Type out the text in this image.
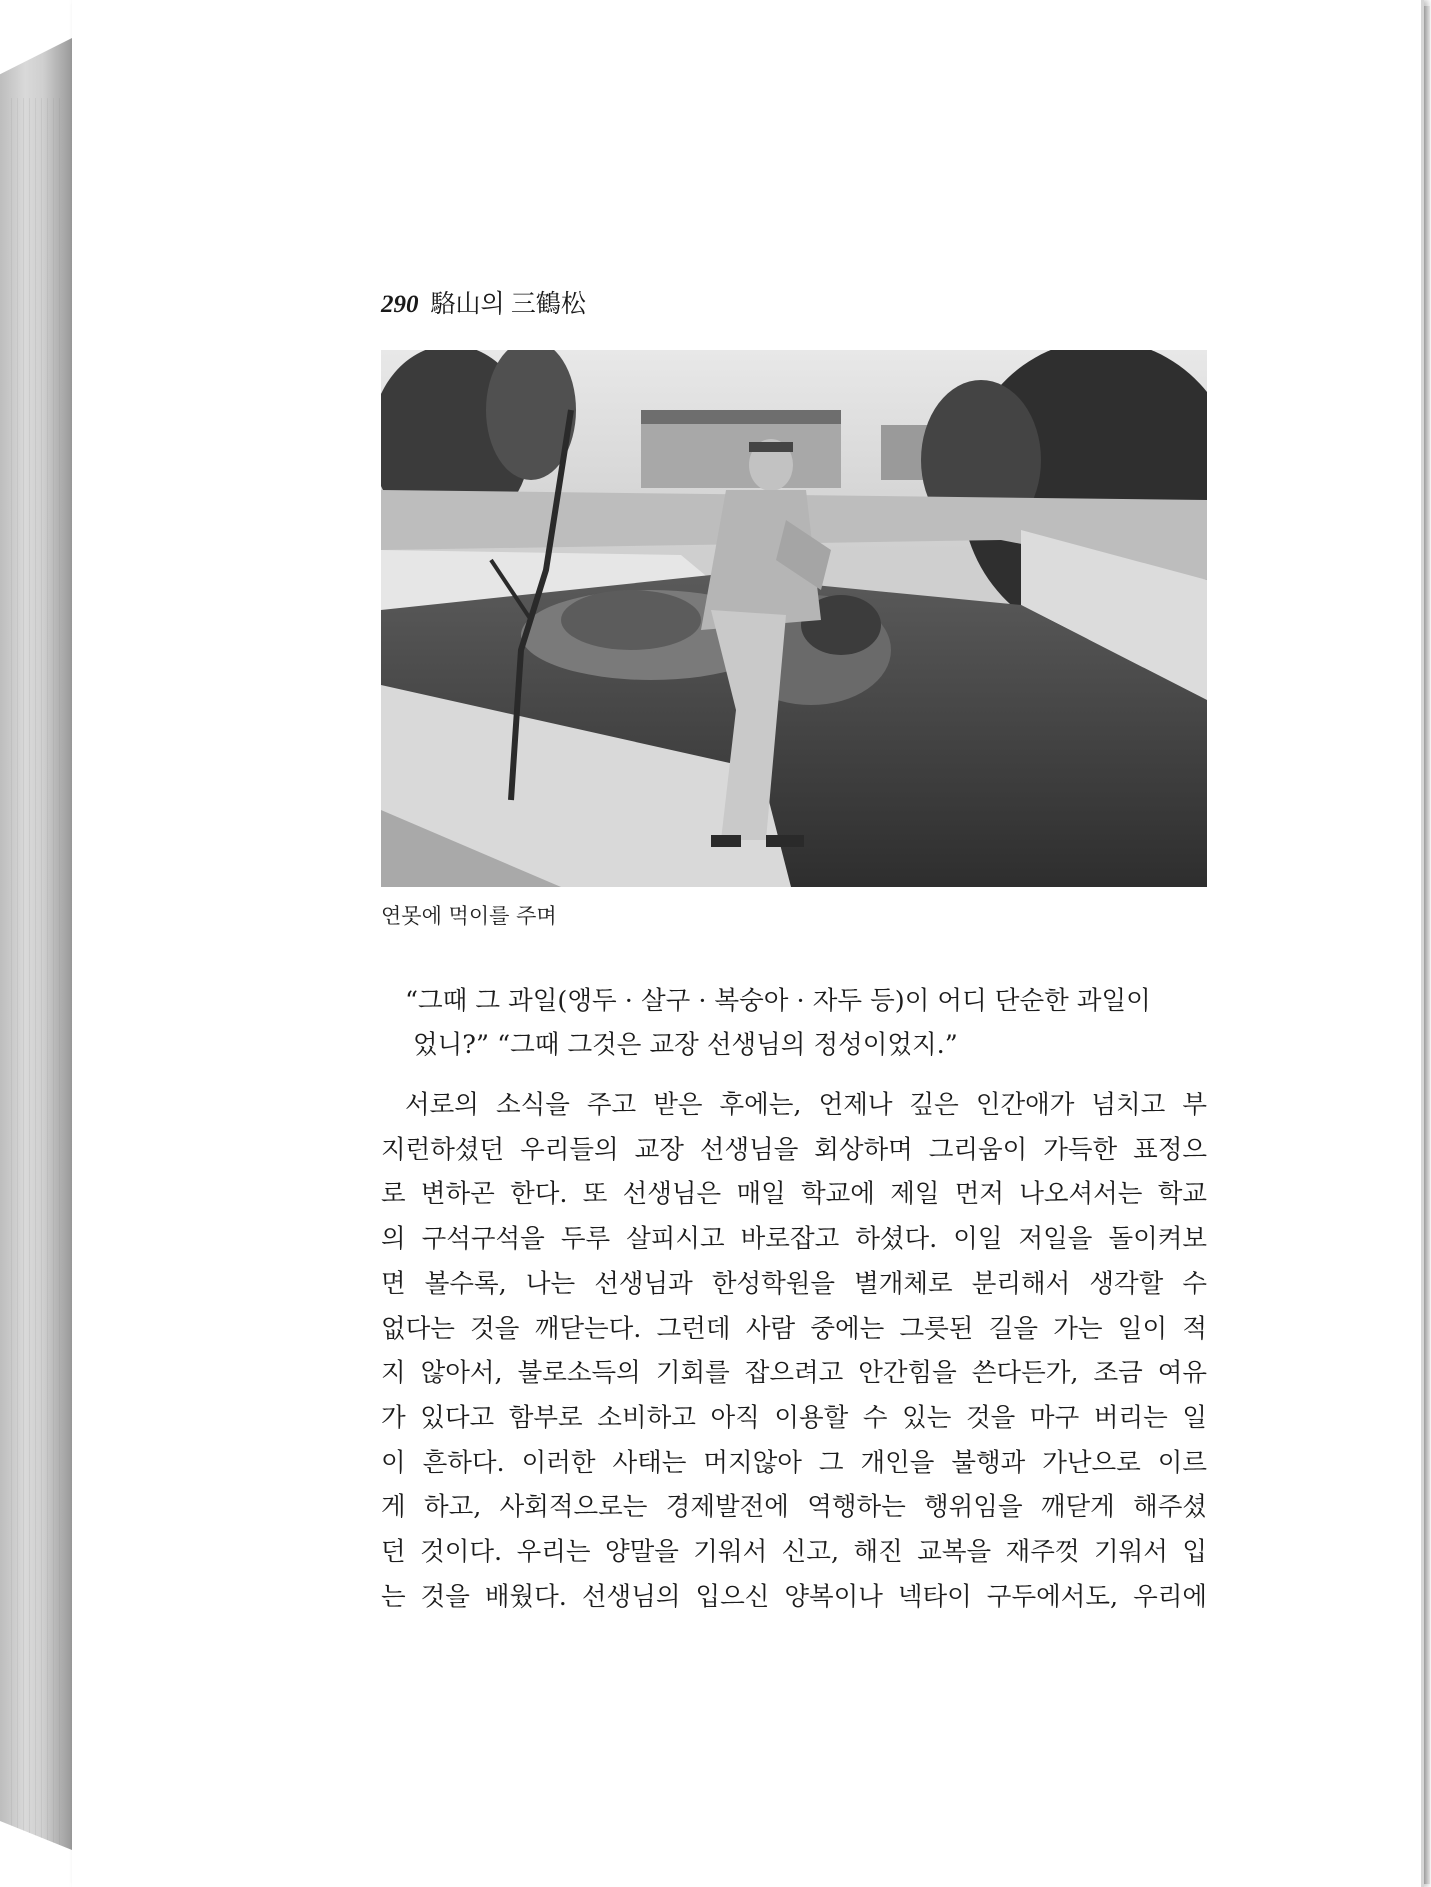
290 駱山의 三鶴松
연못에 먹이를 주며
“그때 그 과일(앵두 · 살구 · 복숭아 · 자두 등)이 어디 단순한 과일이
었니?” “그때 그것은 교장 선생님의 정성이었지.”
서로의 소식을 주고 받은 후에는, 언제나 깊은 인간애가 넘치고 부
지런하셨던 우리들의 교장 선생님을 회상하며 그리움이 가득한 표정으
로 변하곤 한다. 또 선생님은 매일 학교에 제일 먼저 나오셔서는 학교
의 구석구석을 두루 살피시고 바로잡고 하셨다. 이일 저일을 돌이켜보
면 볼수록, 나는 선생님과 한성학원을 별개체로 분리해서 생각할 수
없다는 것을 깨닫는다. 그런데 사람 중에는 그릇된 길을 가는 일이 적
지 않아서, 불로소득의 기회를 잡으려고 안간힘을 쓴다든가, 조금 여유
가 있다고 함부로 소비하고 아직 이용할 수 있는 것을 마구 버리는 일
이 흔하다. 이러한 사태는 머지않아 그 개인을 불행과 가난으로 이르
게 하고, 사회적으로는 경제발전에 역행하는 행위임을 깨닫게 해주셨
던 것이다. 우리는 양말을 기워서 신고, 해진 교복을 재주껏 기워서 입
는 것을 배웠다. 선생님의 입으신 양복이나 넥타이 구두에서도, 우리에
